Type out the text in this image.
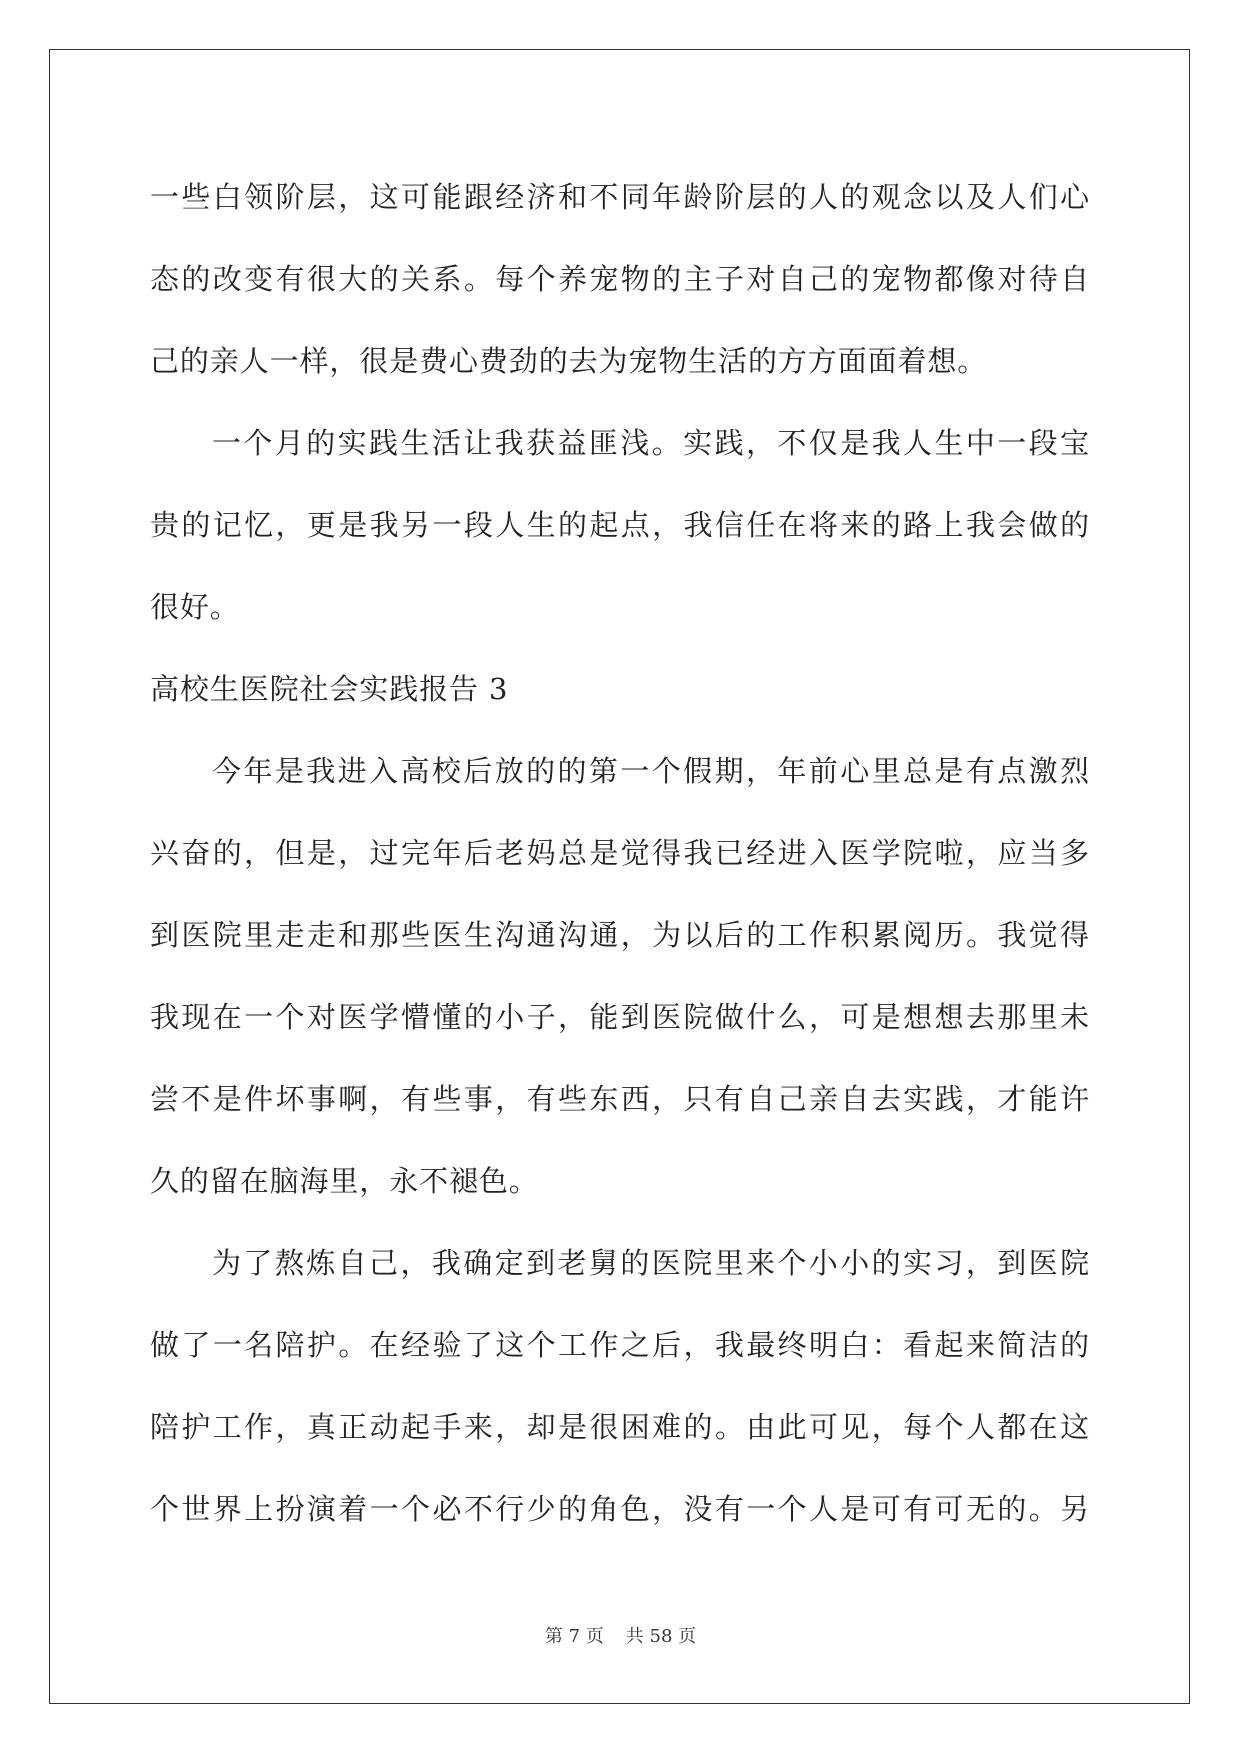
一些白领阶层，这可能跟经济和不同年龄阶层的人的观念以及人们心
态的改变有很大的关系。每个养宠物的主子对自己的宠物都像对待自
己的亲人一样，很是费心费劲的去为宠物生活的方方面面着想。
一个月的实践生活让我获益匪浅。实践，不仅是我人生中一段宝
贵的记忆，更是我另一段人生的起点，我信任在将来的路上我会做的
很好。
高校生医院社会实践报告 3
今年是我进入高校后放的的第一个假期，年前心里总是有点激烈
兴奋的，但是，过完年后老妈总是觉得我已经进入医学院啦，应当多
到医院里走走和那些医生沟通沟通，为以后的工作积累阅历。我觉得
我现在一个对医学懵懂的小子，能到医院做什么，可是想想去那里未
尝不是件坏事啊，有些事，有些东西，只有自己亲自去实践，才能许
久的留在脑海里，永不褪色。
为了熬炼自己，我确定到老舅的医院里来个小小的实习，到医院
做了一名陪护。在经验了这个工作之后，我最终明白：看起来简洁的
陪护工作，真正动起手来，却是很困难的。由此可见，每个人都在这
个世界上扮演着一个必不行少的角色，没有一个人是可有可无的。另
第 7 页 共 58 页
